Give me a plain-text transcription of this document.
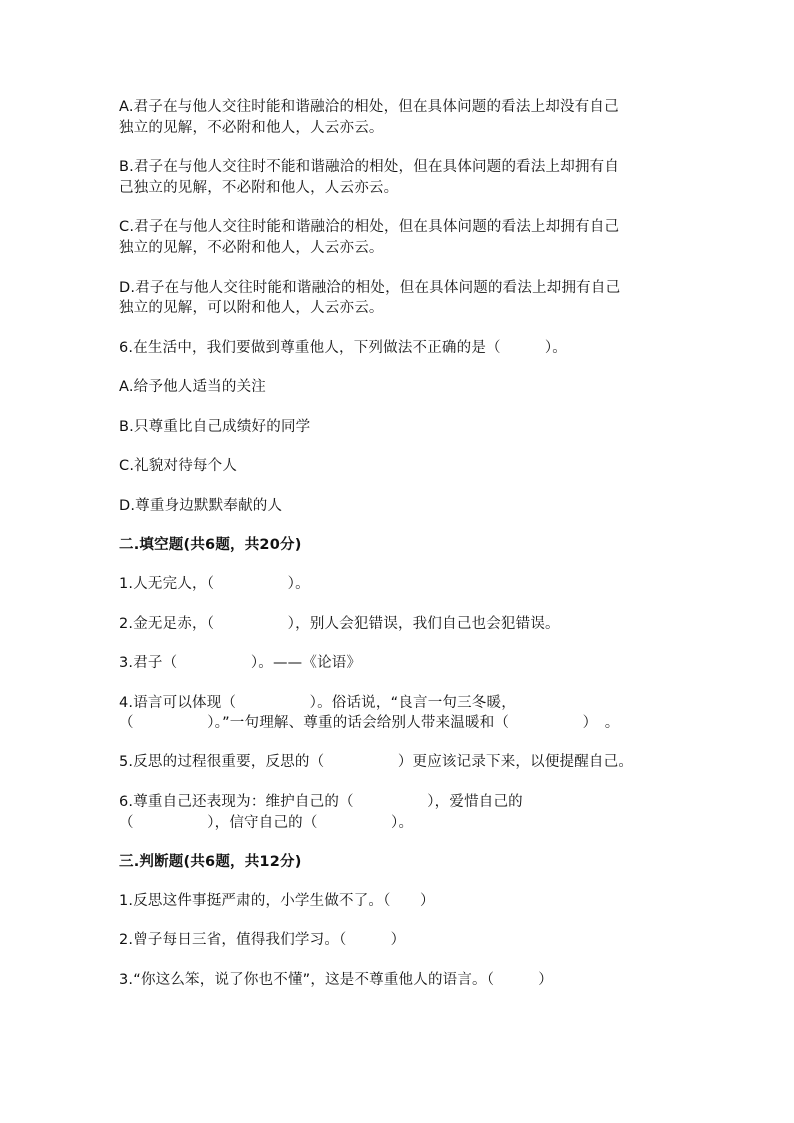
A.君子在与他人交往时能和谐融洽的相处，但在具体问题的看法上却没有自己
独立的见解，不必附和他人，人云亦云。
B.君子在与他人交往时不能和谐融洽的相处，但在具体问题的看法上却拥有自
己独立的见解，不必附和他人，人云亦云。
C.君子在与他人交往时能和谐融洽的相处，但在具体问题的看法上却拥有自己
独立的见解，不必附和他人，人云亦云。
D.君子在与他人交往时能和谐融洽的相处，但在具体问题的看法上却拥有自己
独立的见解，可以附和他人，人云亦云。
6.在生活中，我们要做到尊重他人，下列做法不正确的是（　　　）。
A.给予他人适当的关注
B.只尊重比自己成绩好的同学
C.礼貌对待每个人
D.尊重身边默默奉献的人
二.填空题(共6题，共20分)
1.人无完人，（　　　　　）。
2.金无足赤，（　　　　　），别人会犯错误，我们自己也会犯错误。
3.君子（　　　　　）。——《论语》
4.语言可以体现（　　　　　）。俗话说，“良言一句三冬暖，
（　　　　　）。”一句理解、尊重的话会给别人带来温暖和（　　　　　）　。
5.反思的过程很重要，反思的（　　　　　）更应该记录下来，以便提醒自己。
6.尊重自己还表现为：维护自己的（　　　　　），爱惜自己的
（　　　　　），信守自己的（　　　　　）。
三.判断题(共6题，共12分)
1.反思这件事挺严肃的，小学生做不了。（　　）
2.曾子每日三省，值得我们学习。（　　　）
3.“你这么笨，说了你也不懂”，这是不尊重他人的语言。（　　　）
